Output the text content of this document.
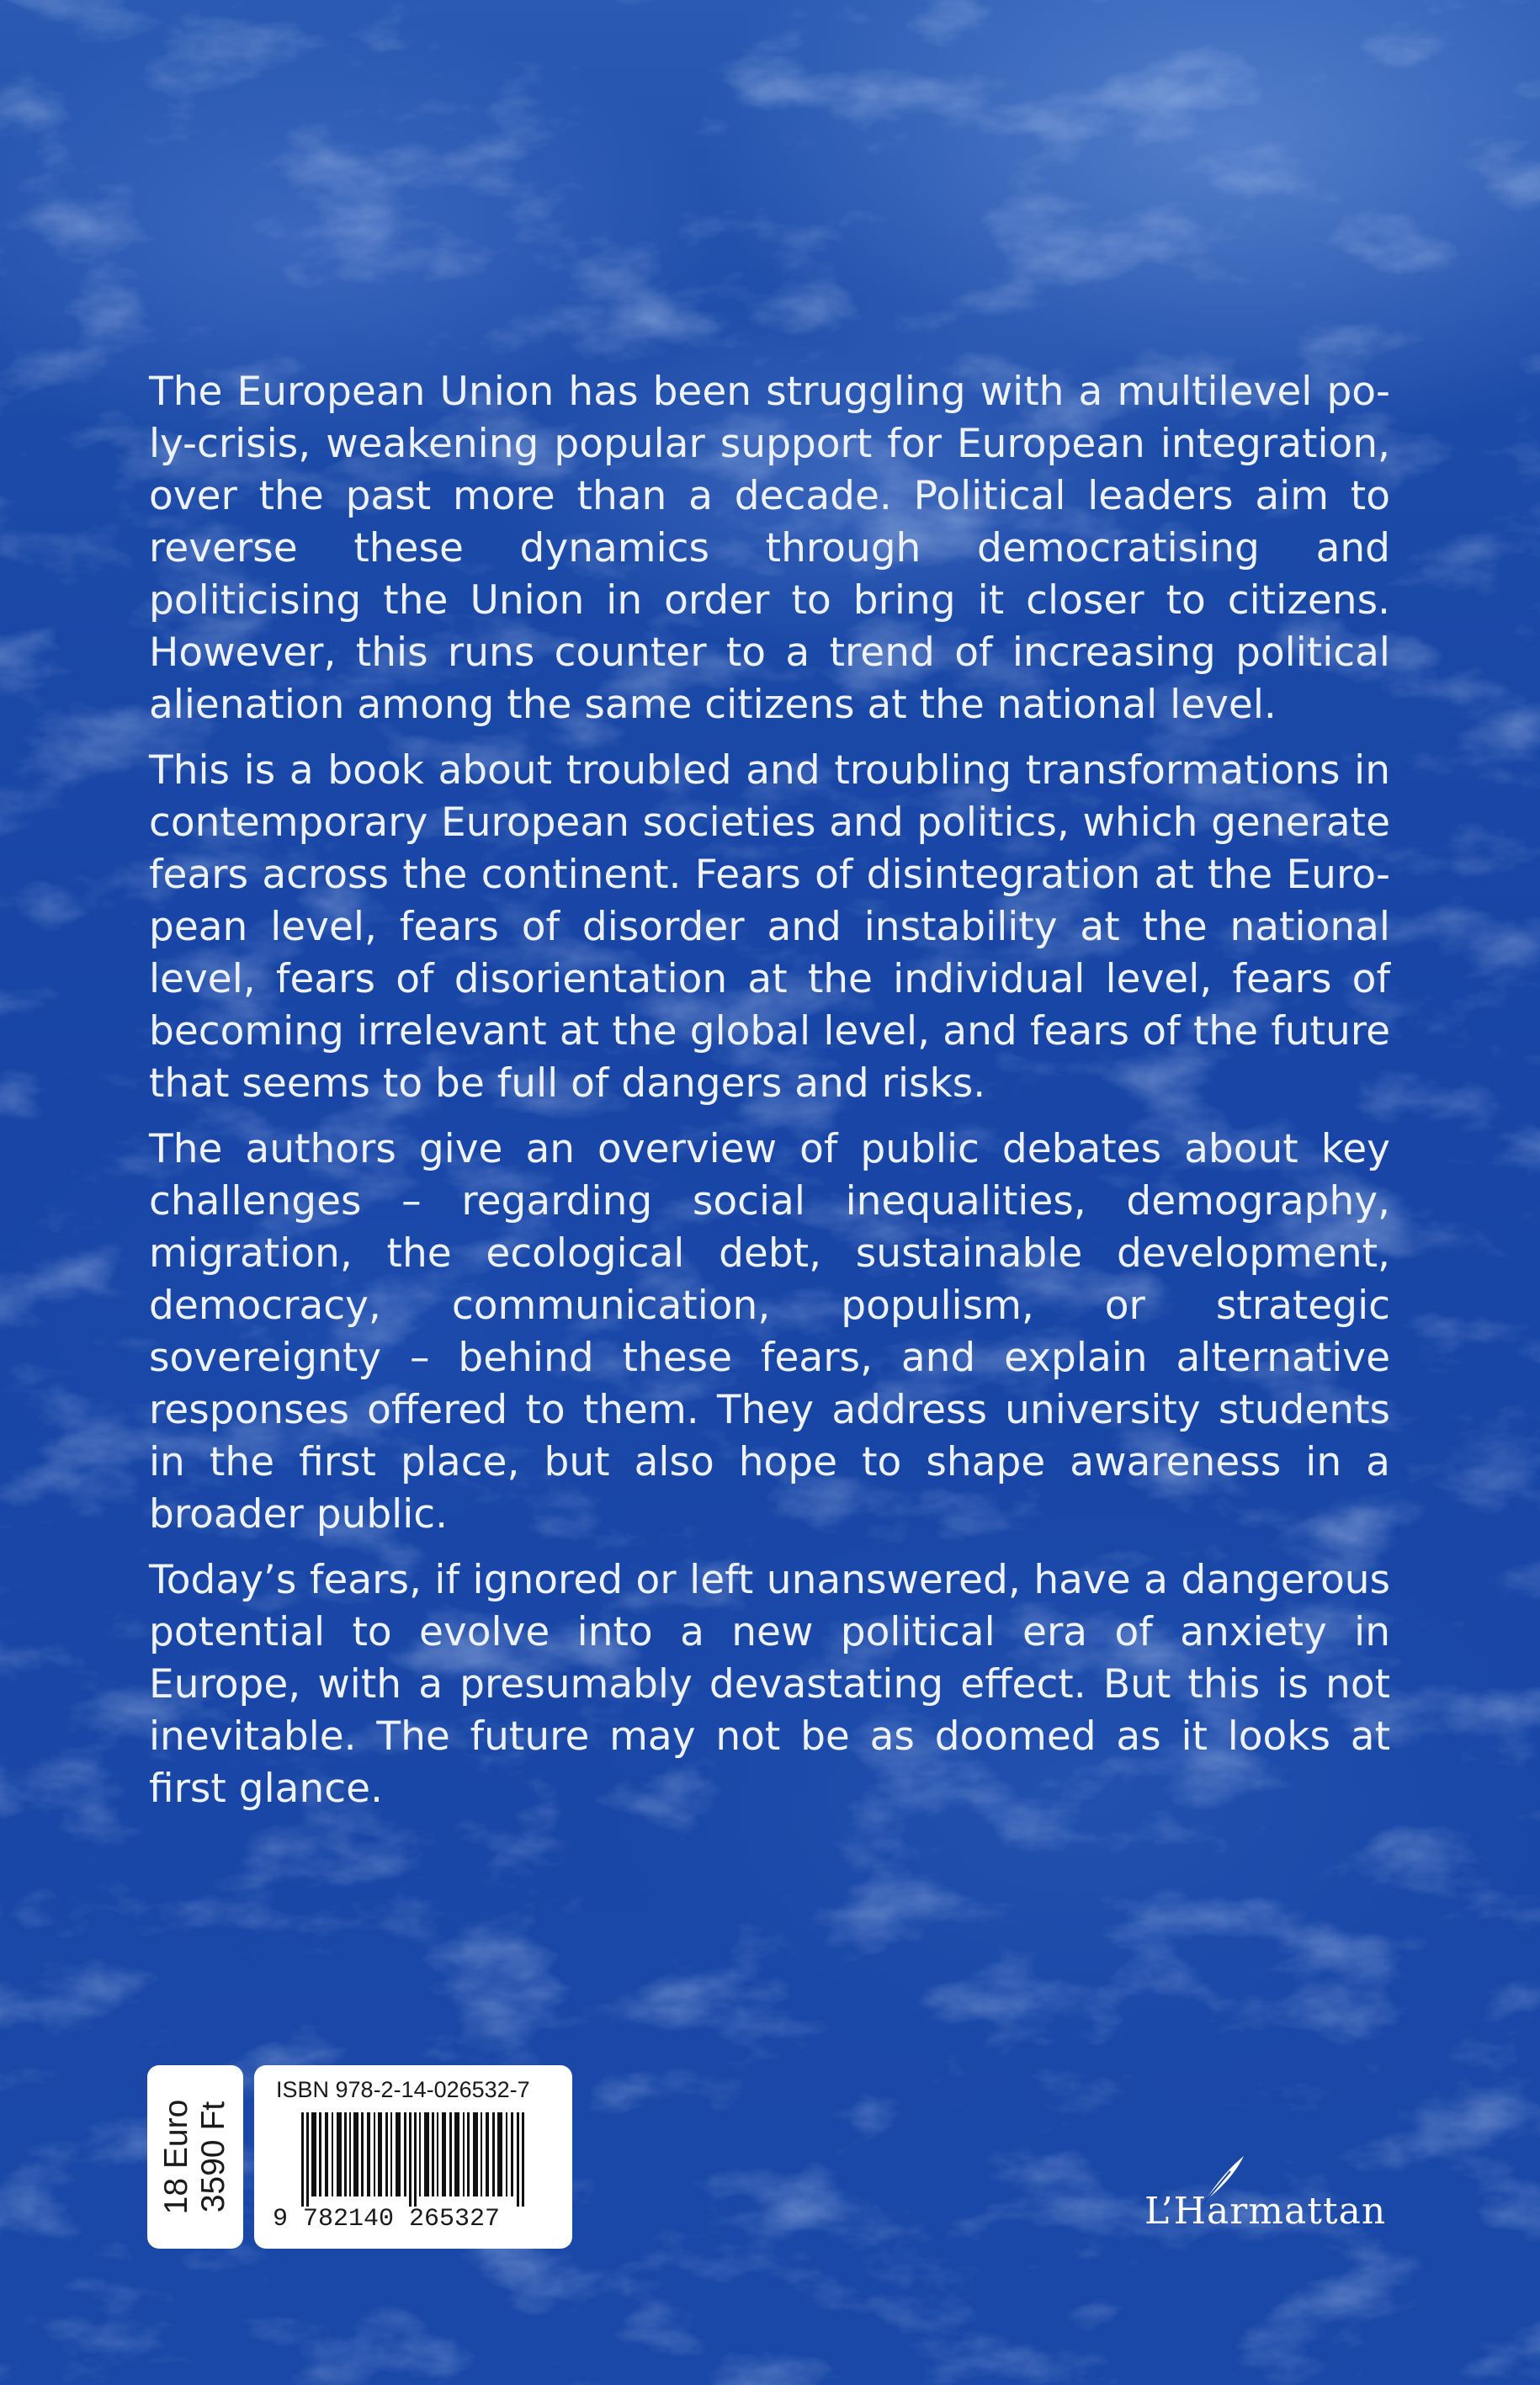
The European Union has been struggling with a multilevel poly-crisis, weakening popular support for European integration, over the past more than a decade. Political leaders aim to reverse these dynamics through democratising and politicising the Union in order to bring it closer to citizens. However, this runs counter to a trend of increasing political alienation among the same citizens at the national level.

This is a book about troubled and troubling transformations in contemporary European societies and politics, which generate fears across the continent. Fears of disintegration at the European level, fears of disorder and instability at the national level, fears of disorientation at the individual level, fears of becoming irrelevant at the global level, and fears of the future that seems to be full of dangers and risks.

The authors give an overview of public debates about key challenges – regarding social inequalities, demography, migration, the ecological debt, sustainable development, democracy, communication, populism, or strategic sovereignty – behind these fears, and explain alternative responses offered to them. They address university students in the first place, but also hope to shape awareness in a broader public.

Today’s fears, if ignored or left unanswered, have a dangerous potential to evolve into a new political era of anxiety in Europe, with a presumably devastating effect. But this is not inevitable. The future may not be as doomed as it looks at first glance.

18 Euro 3590 Ft
ISBN 978-2-14-026532-7
9 782140 265327	L’Harmattan
